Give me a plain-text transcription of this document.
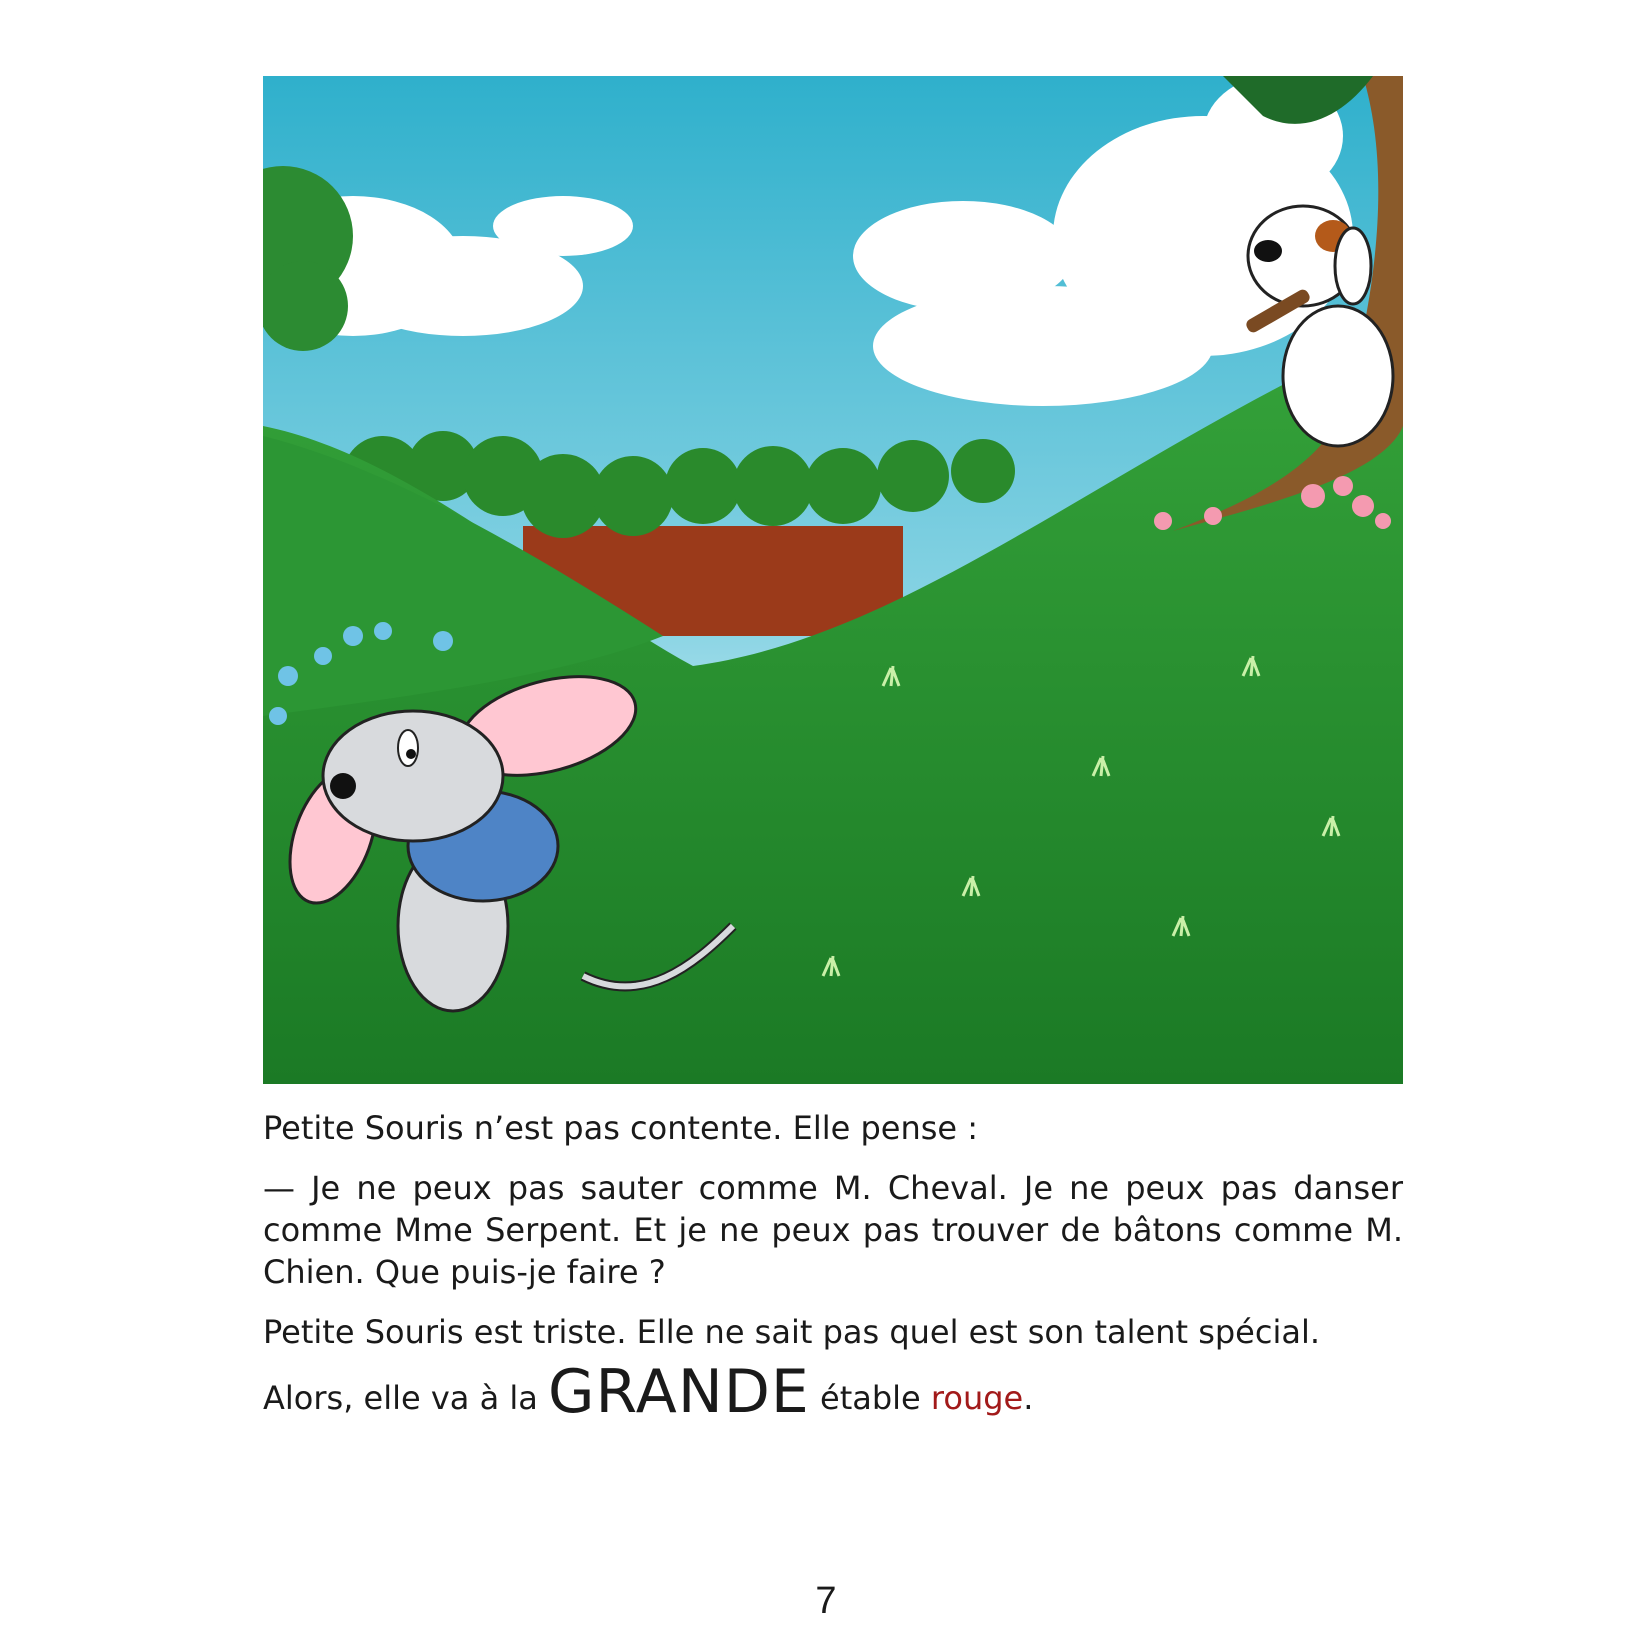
Petite Souris n’est pas contente. Elle pense :

— Je ne peux pas sauter comme M. Cheval. Je ne peux pas danser comme Mme Serpent. Et je ne peux pas trouver de bâtons comme M. Chien. Que puis-je faire ?

Petite Souris est triste. Elle ne sait pas quel est son talent spécial.

Alors, elle va à la GRANDE étable rouge.

7
